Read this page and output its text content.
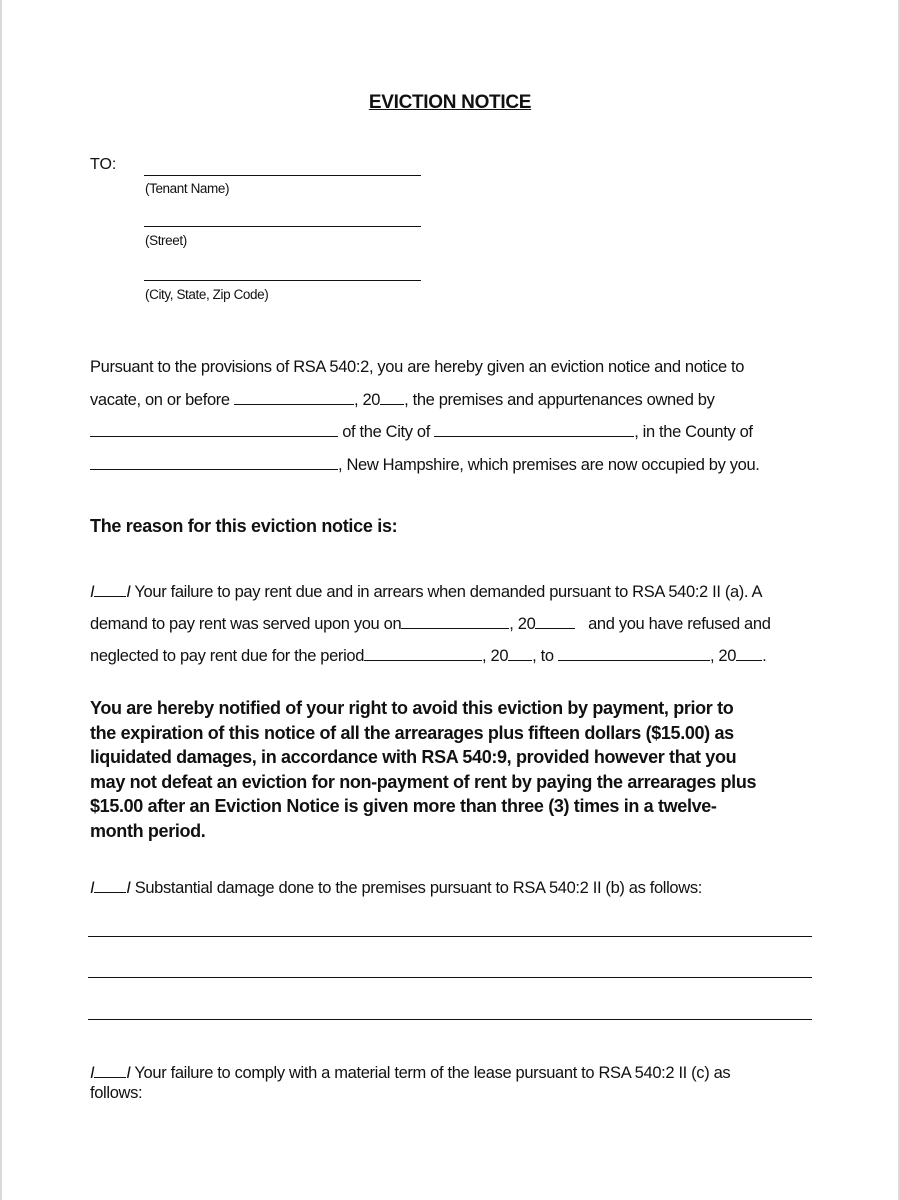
EVICTION NOTICE
TO:
(Tenant Name)
(Street)
(City, State, Zip Code)
Pursuant to the provisions of RSA 540:2, you are hereby given an eviction notice and notice to
vacate, on or before	, 20 , the premises and appurtenances owned by
of the City of	, in the County of
, New Hampshire, which premises are now occupied by you.
The reason for this eviction notice is:
I I Your failure to pay rent due and in arrears when demanded pursuant to RSA 540:2 II (a). A
demand to pay rent was served upon you on	, 20	and you have refused and
neglected to pay rent due for the period	, 20 , to	, 20 .
You are hereby notified of your right to avoid this eviction by payment, prior to
the expiration of this notice of all the arrearages plus fifteen dollars ($15.00) as
liquidated damages, in accordance with RSA 540:9, provided however that you
may not defeat an eviction for non-payment of rent by paying the arrearages plus
$15.00 after an Eviction Notice is given more than three (3) times in a twelve-
month period.
I I Substantial damage done to the premises pursuant to RSA 540:2 II (b) as follows:
I I Your failure to comply with a material term of the lease pursuant to RSA 540:2 II (c) as
follows:
